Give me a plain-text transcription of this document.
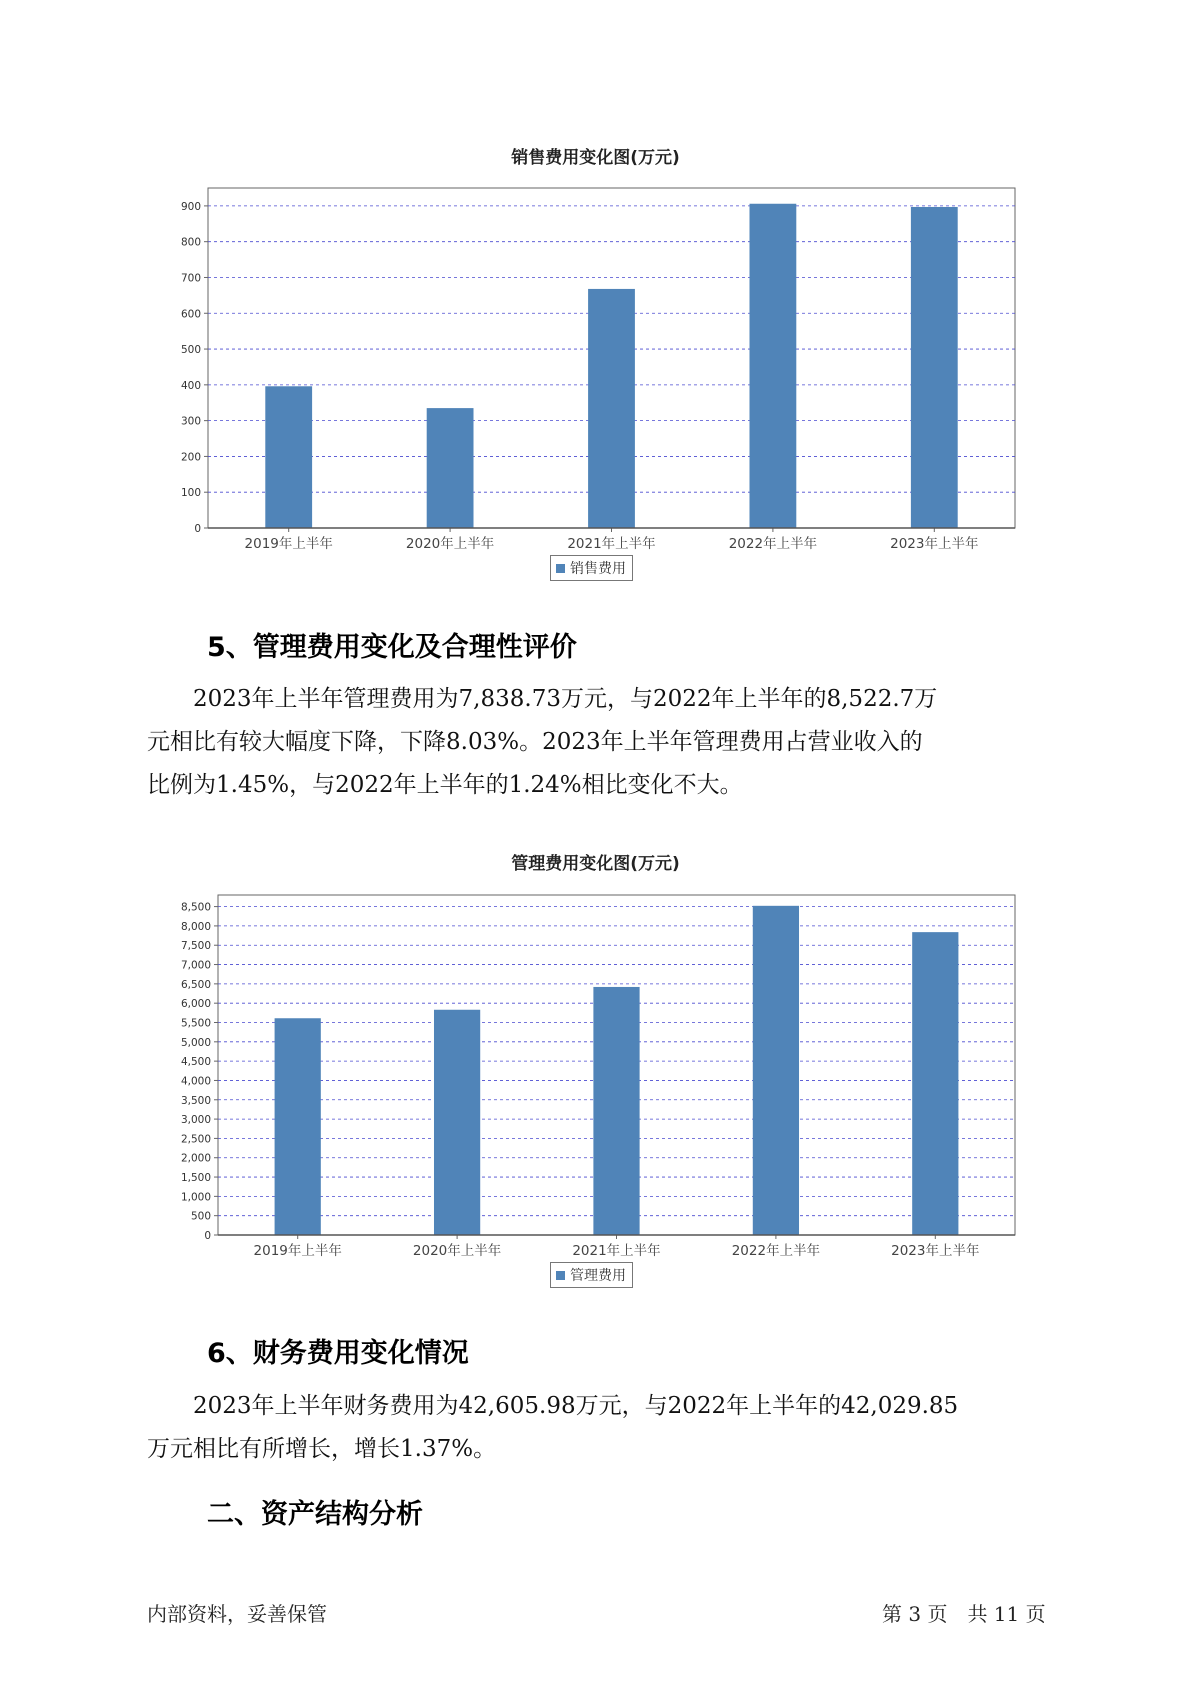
销售费用变化图(万元)
0
100
200
300
400
500
600
700
800
900
2019年上半年	2020年上半年	2021年上半年	2022年上半年	2023年上半年
销售费用
5、管理费用变化及合理性评价
2023年上半年管理费用为7,838.73万元，与2022年上半年的8,522.7万
元相比有较大幅度下降，下降8.03%。2023年上半年管理费用占营业收入的
比例为1.45%，与2022年上半年的1.24%相比变化不大。
管理费用变化图(万元)
0
500
1,000
1,500
2,000
2,500
3,000
3,500
4,000
4,500
5,000
5,500
6,000
6,500
7,000
7,500
8,000
8,500
2019年上半年	2020年上半年	2021年上半年	2022年上半年	2023年上半年
管理费用
6、财务费用变化情况
2023年上半年财务费用为42,605.98万元，与2022年上半年的42,029.85
万元相比有所增长，增长1.37%。
二、资产结构分析
内部资料，妥善保管	第 3 页　共 11 页
